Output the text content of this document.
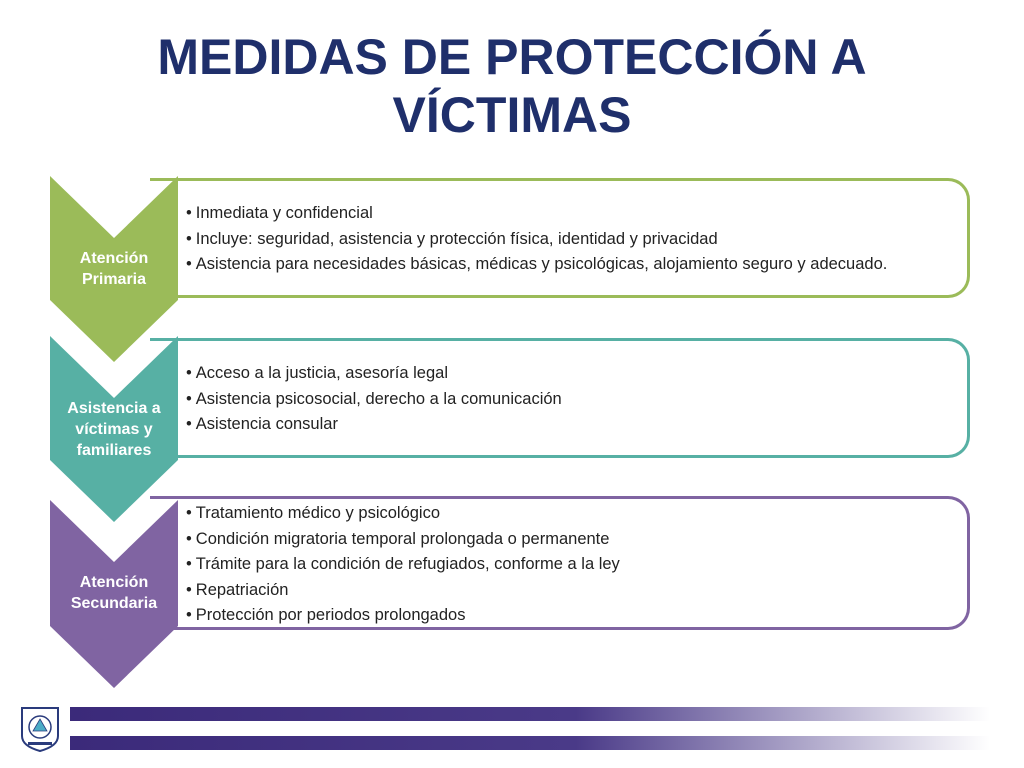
MEDIDAS DE PROTECCIÓN A
VÍCTIMAS
• Inmediata y confidencial
• Incluye: seguridad, asistencia y protección física, identidad y privacidad
• Asistencia para necesidades básicas, médicas y psicológicas, alojamiento seguro y adecuado.
Atención
Primaria
• Acceso a la justicia, asesoría legal
• Asistencia psicosocial, derecho a la comunicación
• Asistencia consular
Asistencia a
víctimas y
familiares
• Tratamiento médico y psicológico
• Condición migratoria temporal prolongada o permanente
• Trámite para la condición de refugiados, conforme a la ley
• Repatriación
• Protección por periodos prolongados
Atención
Secundaria
